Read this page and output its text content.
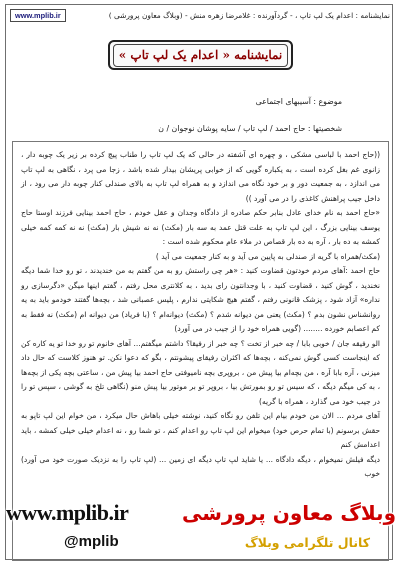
نمایشنامه : اعدام یک لپ تاپ ، - گردآورنده : غلامرضا زهره منش - (وبلاگ معاون پرورشی )
www.mplib.ir
نمایشنامه « اعدام یک لپ تاپ »
موضوع : آسیبهای اجتماعی
شخصیتها : حاج احمد / لپ تاپ / سایه پوشان نوجوان / ن

((حاج احمد با لباسی مشکی ، و چهره ای آشفته در حالی که یک لپ تاپ را طناب پیچ کرده بر زیر یک چوبه دار ، زانوی غم بغل کرده است ، به یکباره گویی که از خوابی پریشان بیدار شده باشد ، زجا می پرد ، نگاهی به لپ تاپ می اندازد ، به جمعیت دور و بر خود نگاه می اندازد و به همراه لپ تاپ به بالای صندلی کنار چوبه دار می رود ، از داخل جیب پراهنش کاغذی را در می آورد ))

«حاج احمد به نام خدای عادل بنابر حکم صادره از دادگاه وجدان و عقل خودم ، حاج احمد بینایی فرزند اوستا حاج یوسف بینایی بزرگ ، این لپ تاپ به علت قتل عمد به سه بار (مکث) نه نه شیش بار (مکث) نه نه کمه کمه خیلی کمشه به ده بار ، آره به ده بار قصاص در ملاء عام محکوم شده است :

(مکث/همراه با گریه از صندلی به پایین می آید و به کنار جمعیت می آید )

حاج احمد :آهای مردم خودتون قضاوت کنید : «هر چی راستش رو به من گفتم به من خندیدند ، تو رو خدا شما دیگه نخندید ، گوش کنید ، قضاوت کنید ، با وجدانتون رای بدید ، به کلانتری محل رفتم ، گفتم اینها میگن «دگرسازی رو نداره» آزاد شود ، پزشک قانونی رفتم ، گفتم هیچ شکایتی ندارم ، پلیس عصبانی شد ، بچه‌ها گفتند خودمو باید به یه روانشناس نشون بدم ؟ (مکث) یعنی من دیوانه شدم ؟ (مکث) دیوانه‌ام ؟ (با فریاد) من دیوانه ام (مکث) نه فقط به کم اعصابم خورده ........ (گویی همراه خود را از جیب در می آورد)

الو رفیقه جان / خوبی بابا / چه خبر از تخت ؟ چه خبر از رفیقا؟ داشتم میگفتم... آهای خانوم تو رو خدا تو یه کاره کن که اینجاست کسی گوش نمی‌کنه ، بچه‌ها که اکثرا‌ن رفیقای پیشونتم ، بگو که دعوا نکن. تو هنوز کلاست که حال داد میزنی ، آره بابا آره ، من بچه‌ام بیا پیش من ، بروپری بچه نامیوفتی حاج احمد بیا پیش من ، ساعتی بچه یکی از بچه‌ها ، به کی میگم دیگه ، که سیس تو رو بمورتش بیا ، بروپر تو بر موتور بیا پیش منو (نگاهی تلخ به گوشی ، سپس تو را در جیب خود می گذارد ، همراه با گریه)

آهای مردم ... الان من خودم بیام این تلفن رو نگاه کنید، نوشته خیلی باهاش حال میکرد ، من خوام این لپ تاپو به حقش برسونم (با تمام حرص خود) میخوام این لپ تاپ رو اعدام کنم ، تو شما رو ، نه اعدام خیلی خیلی کمشه ، باید اعدامش کنم

دیگه فیلش نمیخوام ، دیگه دادگاه ... یا شاید لپ تاپ دیگه ای زمین ... (لپ تاپ را به نزدیک صورت خود می آورد) خوب

www.mplib.ir	وبلاگ معاون پرورشی
کانال تلگرامی وبلاگ
@mplib
